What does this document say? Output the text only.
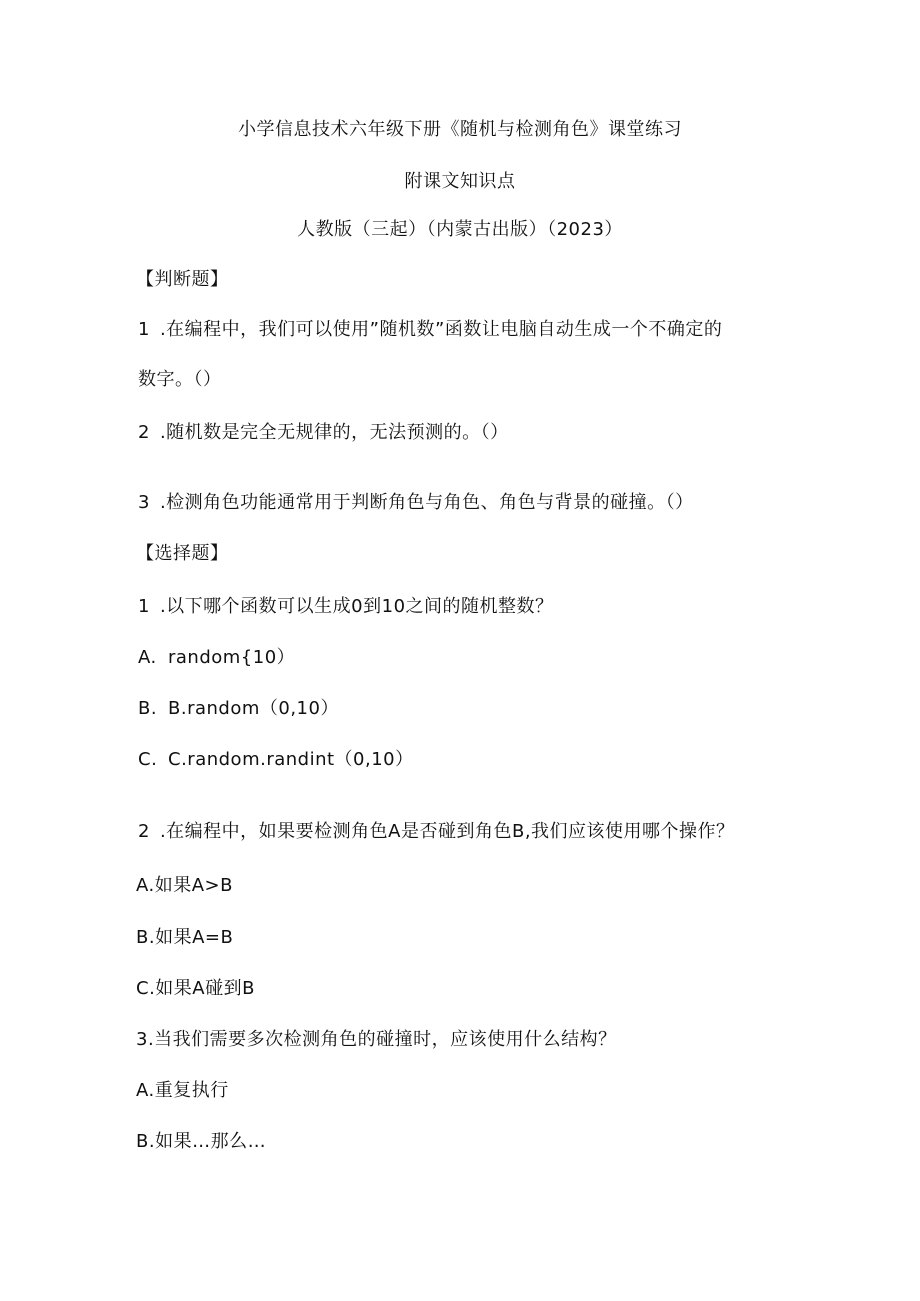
小学信息技术六年级下册《随机与检测角色》课堂练习
附课文知识点
人教版（三起）（内蒙古出版）（2023）
【判断题】
1 .在编程中，我们可以使用”随机数”函数让电脑自动生成一个不确定的
数字。（）
2 .随机数是完全无规律的，无法预测的。（）
3 .检测角色功能通常用于判断角色与角色、角色与背景的碰撞。（）
【选择题】
1 .以下哪个函数可以生成0到10之间的随机整数？
A. random{10）
B. B.random（0,10）
C. C.random.randint（0,10）
2 .在编程中，如果要检测角色A是否碰到角色B,我们应该使用哪个操作？
A.如果A>B
B.如果A=B
C.如果A碰到B
3.当我们需要多次检测角色的碰撞时，应该使用什么结构？
A.重复执行
B.如果…那么…
